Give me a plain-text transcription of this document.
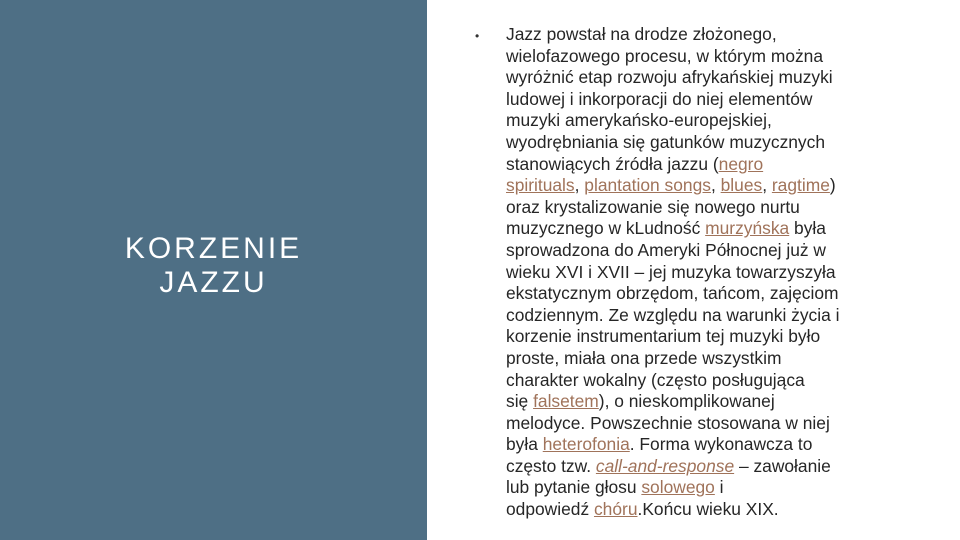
KORZENIE
JAZZU
• Jazz powstał na drodze złożonego,
wielofazowego procesu, w którym można
wyróżnić etap rozwoju afrykańskiej muzyki
ludowej i inkorporacji do niej elementów
muzyki amerykańsko-europejskiej,
wyodrębniania się gatunków muzycznych
stanowiących źródła jazzu (negro
spirituals, plantation songs, blues, ragtime)
oraz krystalizowanie się nowego nurtu
muzycznego w kLudność murzyńska była
sprowadzona do Ameryki Północnej już w
wieku XVI i XVII – jej muzyka towarzyszyła
ekstatycznym obrzędom, tańcom, zajęciom
codziennym. Ze względu na warunki życia i
korzenie instrumentarium tej muzyki było
proste, miała ona przede wszystkim
charakter wokalny (często posługująca
się falsetem), o nieskomplikowanej
melodyce. Powszechnie stosowana w niej
była heterofonia. Forma wykonawcza to
często tzw. call-and-response – zawołanie
lub pytanie głosu solowego i
odpowiedź chóru.Końcu wieku XIX.
